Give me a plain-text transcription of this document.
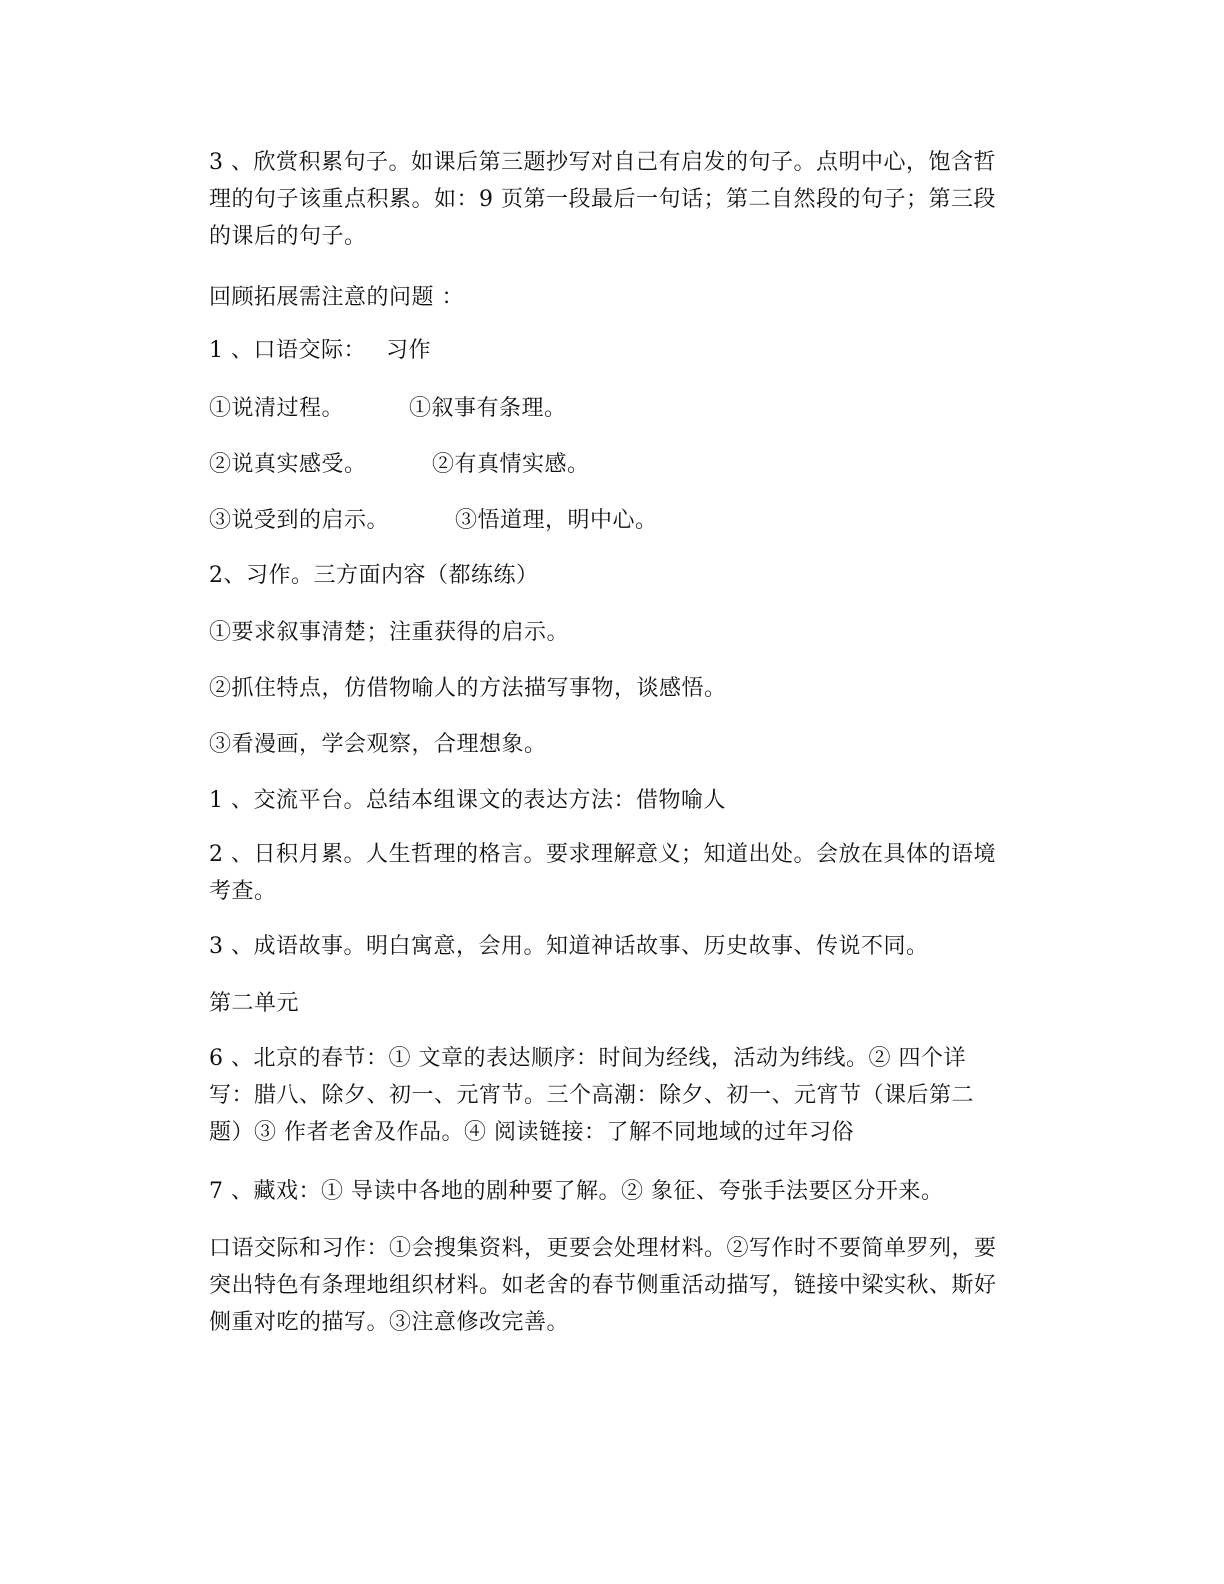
3 、欣赏积累句子。如课后第三题抄写对自己有启发的句子。点明中心，饱含哲理的句子该重点积累。如：9 页第一段最后一句话；第二自然段的句子；第三段的课后的句子。

回顾拓展需注意的问题 ：

1 、口语交际： 习作

①说清过程。	①叙事有条理。

②说真实感受。	②有真情实感。

③说受到的启示。	③悟道理，明中心。

2、习作。三方面内容（都练练）

①要求叙事清楚；注重获得的启示。

②抓住特点，仿借物喻人的方法描写事物，谈感悟。

③看漫画，学会观察，合理想象。

1 、交流平台。总结本组课文的表达方法：借物喻人

2 、日积月累。人生哲理的格言。要求理解意义；知道出处。会放在具体的语境考查。

3 、成语故事。明白寓意，会用。知道神话故事、历史故事、传说不同。

第二单元

6 、北京的春节：① 文章的表达顺序：时间为经线，活动为纬线。② 四个详写：腊八、除夕、初一、元宵节。三个高潮：除夕、初一、元宵节（课后第二题）③ 作者老舍及作品。④ 阅读链接：了解不同地域的过年习俗

7 、藏戏：① 导读中各地的剧种要了解。② 象征、夸张手法要区分开来。

口语交际和习作：①会搜集资料，更要会处理材料。②写作时不要简单罗列，要突出特色有条理地组织材料。如老舍的春节侧重活动描写，链接中梁实秋、斯好侧重对吃的描写。③注意修改完善。
